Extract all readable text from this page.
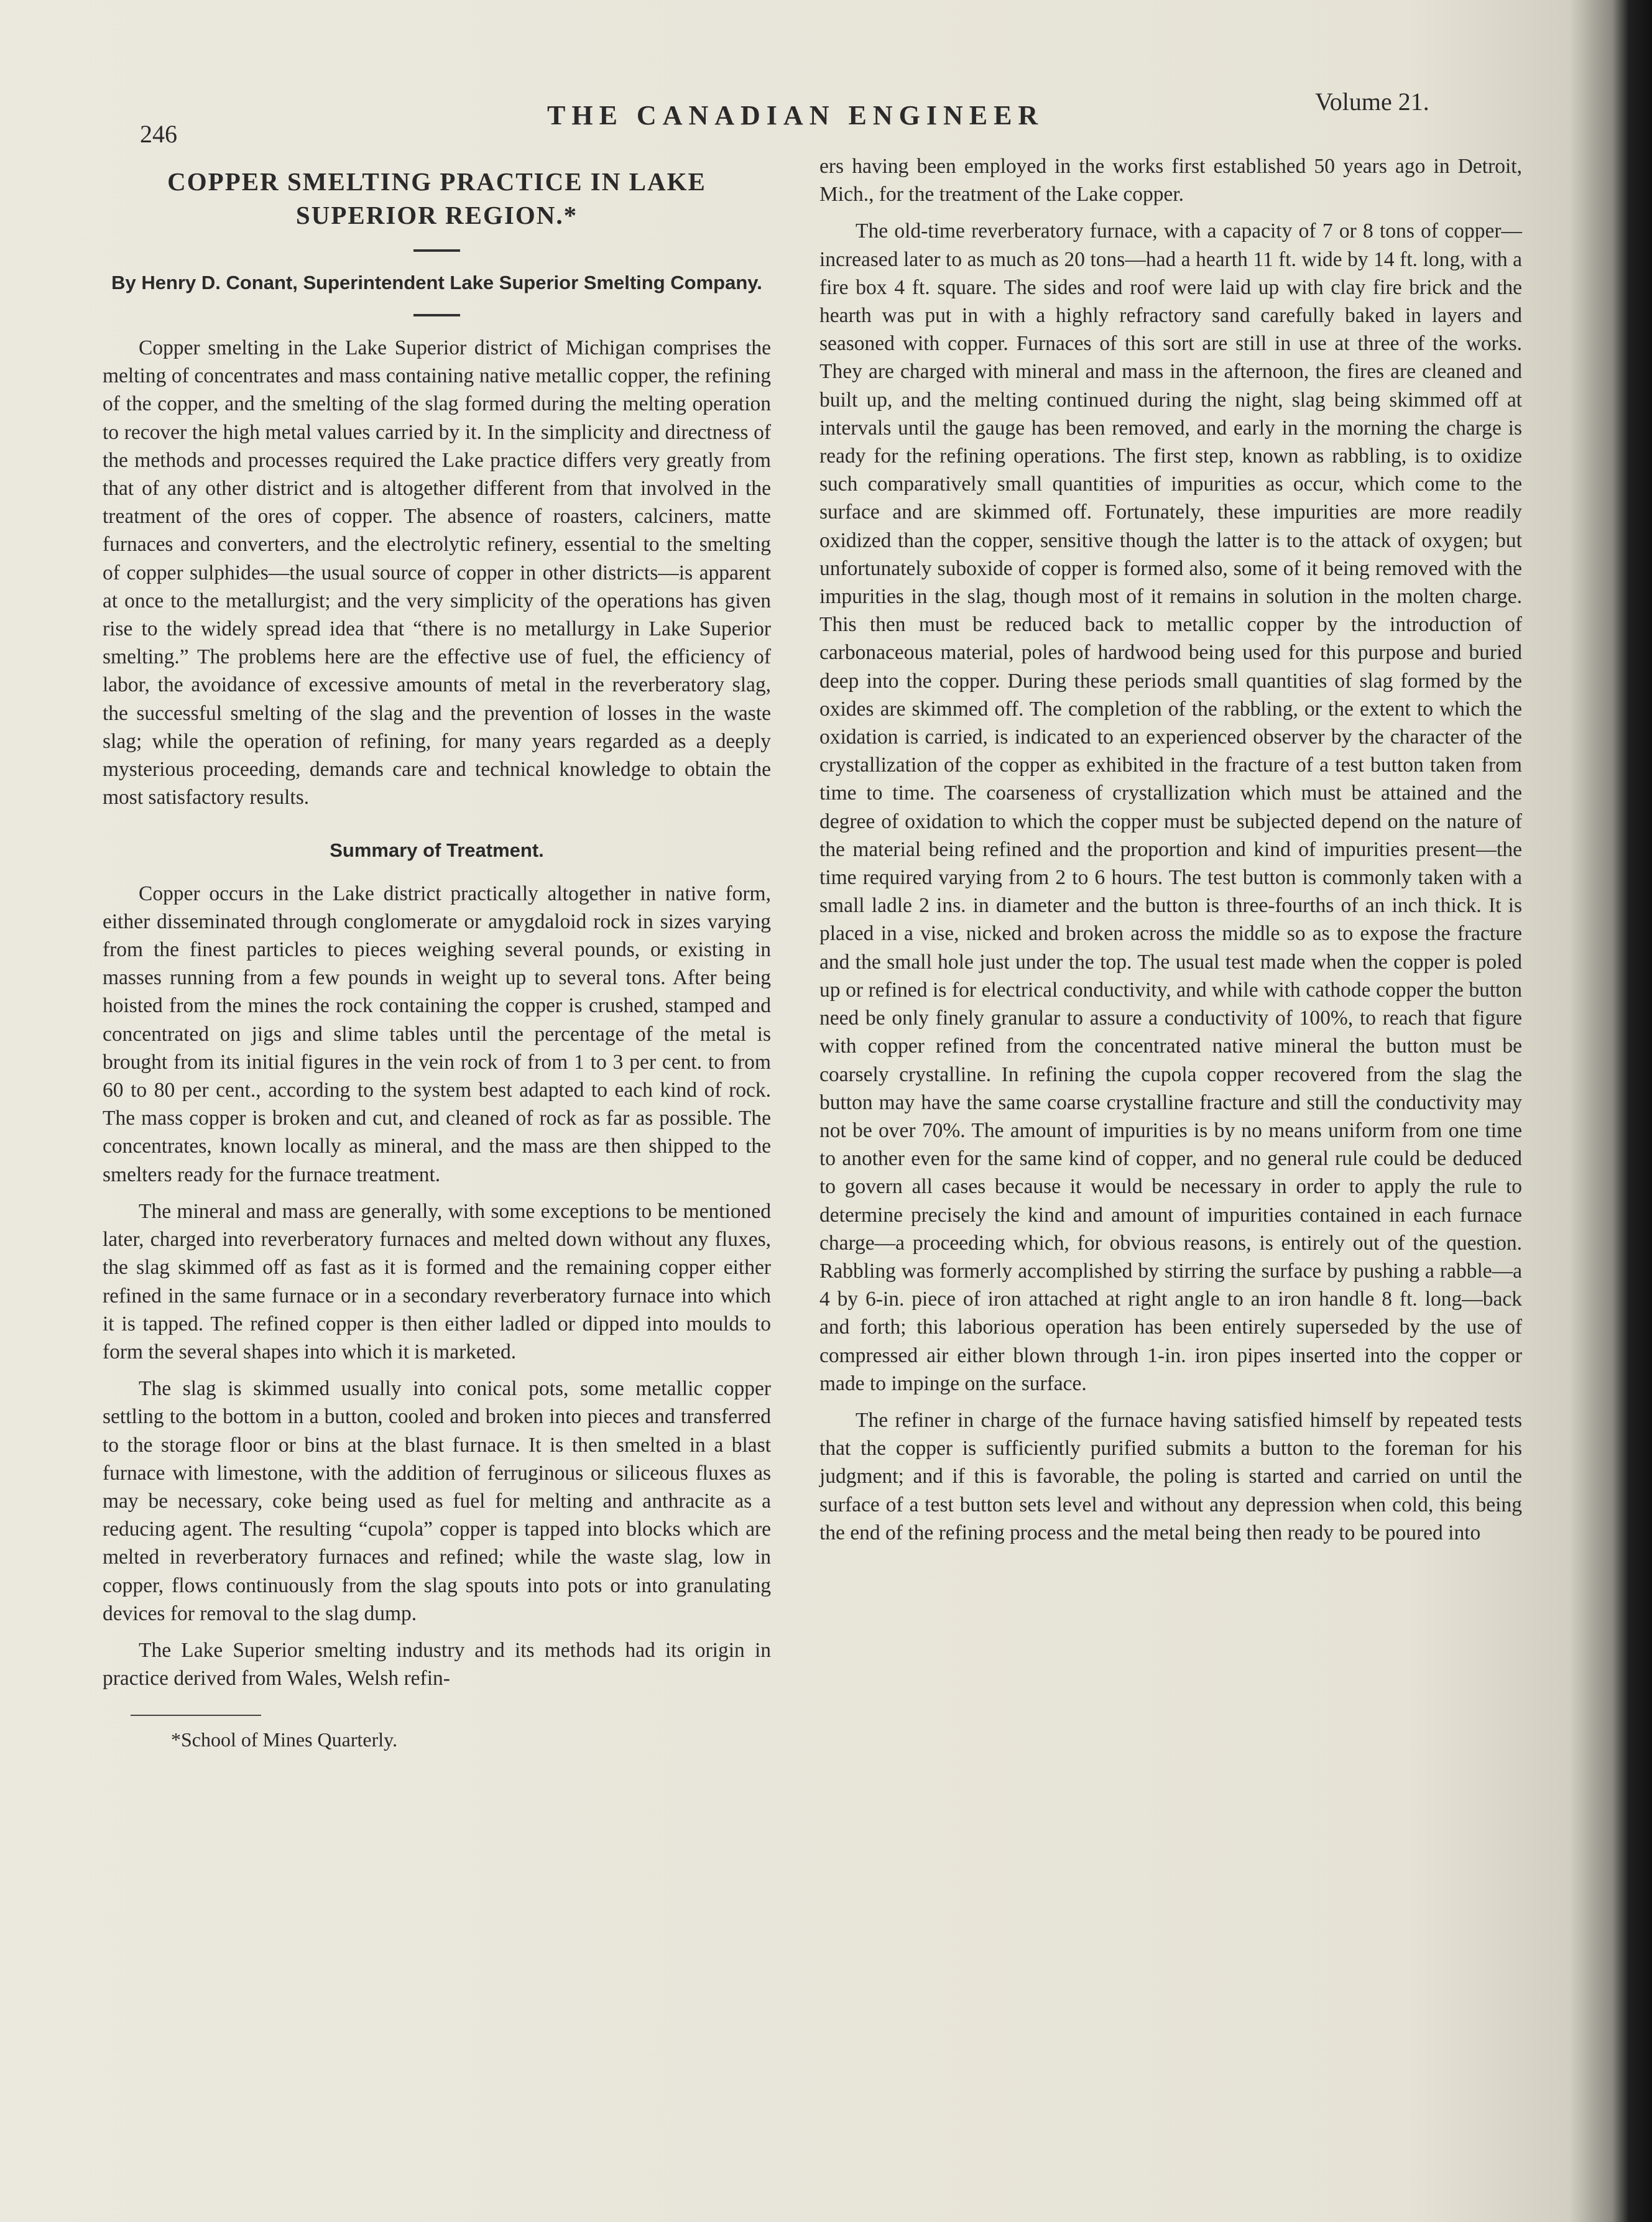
246
THE CANADIAN ENGINEER	Volume 21.
COPPER SMELTING PRACTICE IN LAKE SUPERIOR REGION.*
By Henry D. Conant, Superintendent Lake Superior Smelting Company.

Copper smelting in the Lake Superior district of Michigan comprises the melting of concentrates and mass containing native metallic copper, the refining of the copper, and the smelting of the slag formed during the melting operation to recover the high metal values carried by it. In the simplicity and directness of the methods and processes required the Lake practice differs very greatly from that of any other district and is altogether different from that involved in the treatment of the ores of copper. The absence of roasters, calciners, matte furnaces and converters, and the electrolytic refinery, essential to the smelting of copper sulphides—the usual source of copper in other districts—is apparent at once to the metallurgist; and the very simplicity of the operations has given rise to the widely spread idea that “there is no metallurgy in Lake Superior smelting.” The problems here are the effective use of fuel, the efficiency of labor, the avoidance of excessive amounts of metal in the reverberatory slag, the successful smelting of the slag and the prevention of losses in the waste slag; while the operation of refining, for many years regarded as a deeply mysterious proceeding, demands care and technical knowledge to obtain the most satisfactory results.

Summary of Treatment.

Copper occurs in the Lake district practically altogether in native form, either disseminated through conglomerate or amygdaloid rock in sizes varying from the finest particles to pieces weighing several pounds, or existing in masses running from a few pounds in weight up to several tons. After being hoisted from the mines the rock containing the copper is crushed, stamped and concentrated on jigs and slime tables until the percentage of the metal is brought from its initial figures in the vein rock of from 1 to 3 per cent. to from 60 to 80 per cent., according to the system best adapted to each kind of rock. The mass copper is broken and cut, and cleaned of rock as far as possible. The concentrates, known locally as mineral, and the mass are then shipped to the smelters ready for the furnace treatment.

The mineral and mass are generally, with some exceptions to be mentioned later, charged into reverberatory furnaces and melted down without any fluxes, the slag skimmed off as fast as it is formed and the remaining copper either refined in the same furnace or in a secondary reverberatory furnace into which it is tapped. The refined copper is then either ladled or dipped into moulds to form the several shapes into which it is marketed.

The slag is skimmed usually into conical pots, some metallic copper settling to the bottom in a button, cooled and broken into pieces and transferred to the storage floor or bins at the blast furnace. It is then smelted in a blast furnace with limestone, with the addition of ferruginous or siliceous fluxes as may be necessary, coke being used as fuel for melting and anthracite as a reducing agent. The resulting “cupola” copper is tapped into blocks which are melted in reverberatory furnaces and refined; while the waste slag, low in copper, flows continuously from the slag spouts into pots or into granulating devices for removal to the slag dump.

The Lake Superior smelting industry and its methods had its origin in practice derived from Wales, Welsh refin-

*School of Mines Quarterly.

ers having been employed in the works first established 50 years ago in Detroit, Mich., for the treatment of the Lake copper.

The old-time reverberatory furnace, with a capacity of 7 or 8 tons of copper—increased later to as much as 20 tons—had a hearth 11 ft. wide by 14 ft. long, with a fire box 4 ft. square. The sides and roof were laid up with clay fire brick and the hearth was put in with a highly refractory sand carefully baked in layers and seasoned with copper. Furnaces of this sort are still in use at three of the works. They are charged with mineral and mass in the afternoon, the fires are cleaned and built up, and the melting continued during the night, slag being skimmed off at intervals until the gauge has been removed, and early in the morning the charge is ready for the refining operations. The first step, known as rabbling, is to oxidize such comparatively small quantities of impurities as occur, which come to the surface and are skimmed off. Fortunately, these impurities are more readily oxidized than the copper, sensitive though the latter is to the attack of oxygen; but unfortunately suboxide of copper is formed also, some of it being removed with the impurities in the slag, though most of it remains in solution in the molten charge. This then must be reduced back to metallic copper by the introduction of carbonaceous material, poles of hardwood being used for this purpose and buried deep into the copper. During these periods small quantities of slag formed by the oxides are skimmed off. The completion of the rabbling, or the extent to which the oxidation is carried, is indicated to an experienced observer by the character of the crystallization of the copper as exhibited in the fracture of a test button taken from time to time. The coarseness of crystallization which must be attained and the degree of oxidation to which the copper must be subjected depend on the nature of the material being refined and the proportion and kind of impurities present—the time required varying from 2 to 6 hours. The test button is commonly taken with a small ladle 2 ins. in diameter and the button is three-fourths of an inch thick. It is placed in a vise, nicked and broken across the middle so as to expose the fracture and the small hole just under the top. The usual test made when the copper is poled up or refined is for electrical conductivity, and while with cathode copper the button need be only finely granular to assure a conductivity of 100%, to reach that figure with copper refined from the concentrated native mineral the button must be coarsely crystalline. In refining the cupola copper recovered from the slag the button may have the same coarse crystalline fracture and still the conductivity may not be over 70%. The amount of impurities is by no means uniform from one time to another even for the same kind of copper, and no general rule could be deduced to govern all cases because it would be necessary in order to apply the rule to determine precisely the kind and amount of impurities contained in each furnace charge—a proceeding which, for obvious reasons, is entirely out of the question. Rabbling was formerly accomplished by stirring the surface by pushing a rabble—a 4 by 6-in. piece of iron attached at right angle to an iron handle 8 ft. long—back and forth; this laborious operation has been entirely superseded by the use of compressed air either blown through 1-in. iron pipes inserted into the copper or made to impinge on the surface.

The refiner in charge of the furnace having satisfied himself by repeated tests that the copper is sufficiently purified submits a button to the foreman for his judgment; and if this is favorable, the poling is started and carried on until the surface of a test button sets level and without any depression when cold, this being the end of the refining process and the metal being then ready to be poured into
